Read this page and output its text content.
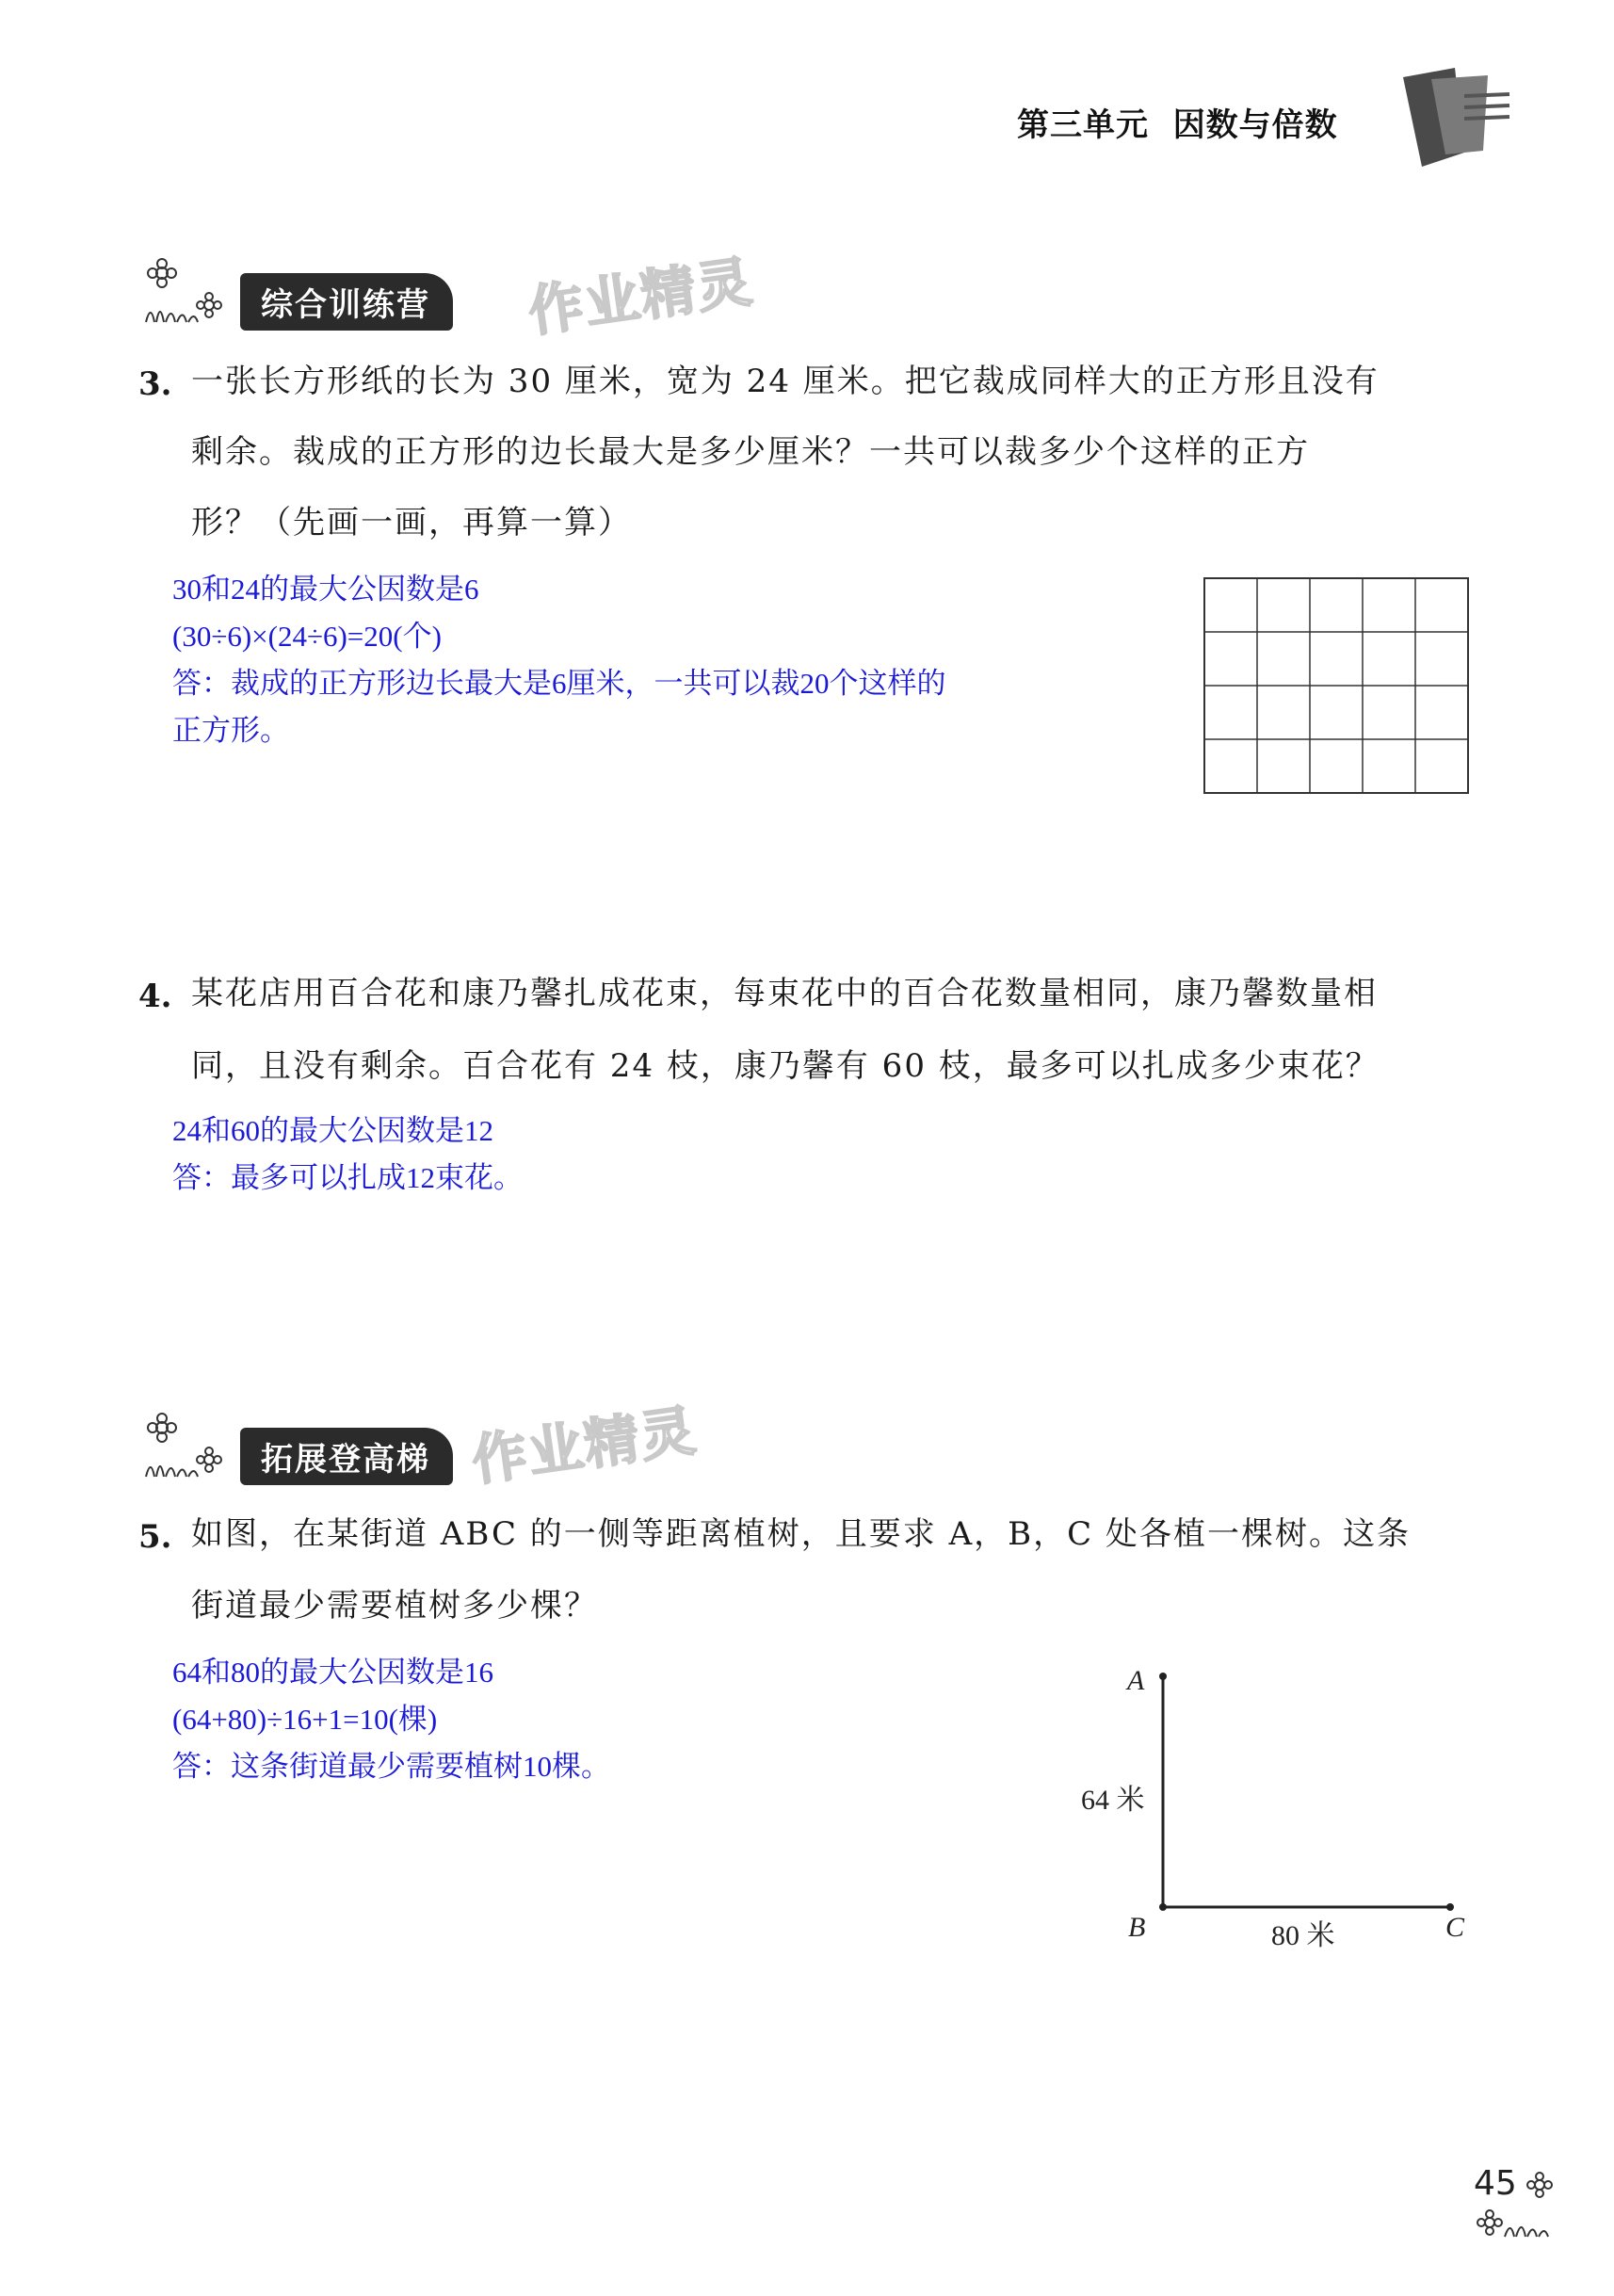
第三单元 因数与倍数
综合训练营	作业精灵
3. 一张长方形纸的长为 30 厘米，宽为 24 厘米。把它裁成同样大的正方形且没有
剩余。裁成的正方形的边长最大是多少厘米？一共可以裁多少个这样的正方
形？（先画一画，再算一算）
30和24的最大公因数是6
(30÷6)×(24÷6)=20(个)
答：裁成的正方形边长最大是6厘米，一共可以裁20个这样的
正方形。
4. 某花店用百合花和康乃馨扎成花束，每束花中的百合花数量相同，康乃馨数量相
同，且没有剩余。百合花有 24 枝，康乃馨有 60 枝，最多可以扎成多少束花？
24和60的最大公因数是12
答：最多可以扎成12束花。
拓展登高梯 作业精灵
5. 如图，在某街道 ABC 的一侧等距离植树，且要求 A，B，C 处各植一棵树。这条
街道最少需要植树多少棵？
64和80的最大公因数是16
(64+80)÷16+1=10(棵)
答：这条街道最少需要植树10棵。
A
64 米
B	80 米	C
45
